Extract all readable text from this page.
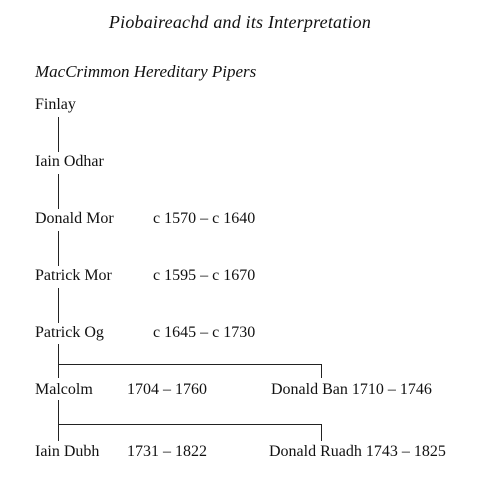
Piobaireachd and its Interpretation
MacCrimmon Hereditary Pipers
Finlay
Iain Odhar
Donald Mor c 1570 – c 1640
Patrick Mor	c 1595 – c 1670
Patrick Og	c 1645 – c 1730
Malcolm 1704 – 1760	Donald Ban 1710 – 1746
Iain Dubh 1731 – 1822	Donald Ruadh 1743 – 1825
